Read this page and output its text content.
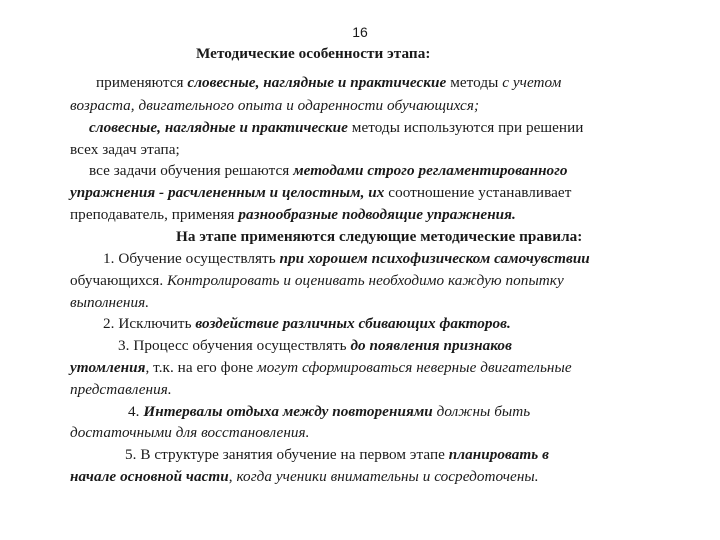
16
Методические особенности этапа:
применяются словесные, наглядные и практические методы с учетом
возраста, двигательного опыта и одаренности обучающихся;
словесные, наглядные и практические методы используются при решении
всех задач этапа;
все задачи обучения решаются методами строго регламентированного
упражнения - расчлененным и целостным, их соотношение устанавливает
преподаватель, применяя разнообразные подводящие упражнения.
На этапе применяются следующие методические правила:
1. Обучение осуществлять при хорошем психофизическом самочувствии
обучающихся. Контролировать и оценивать необходимо каждую попытку
выполнения.
2. Исключить воздействие различных сбивающих факторов.
3. Процесс обучения осуществлять до появления признаков
утомления, т.к. на его фоне могут сформироваться неверные двигательные
представления.
4. Интервалы отдыха между повторениями должны быть
достаточными для восстановления.
5. В структуре занятия обучение на первом этапе планировать в
начале основной части, когда ученики внимательны и сосредоточены.
